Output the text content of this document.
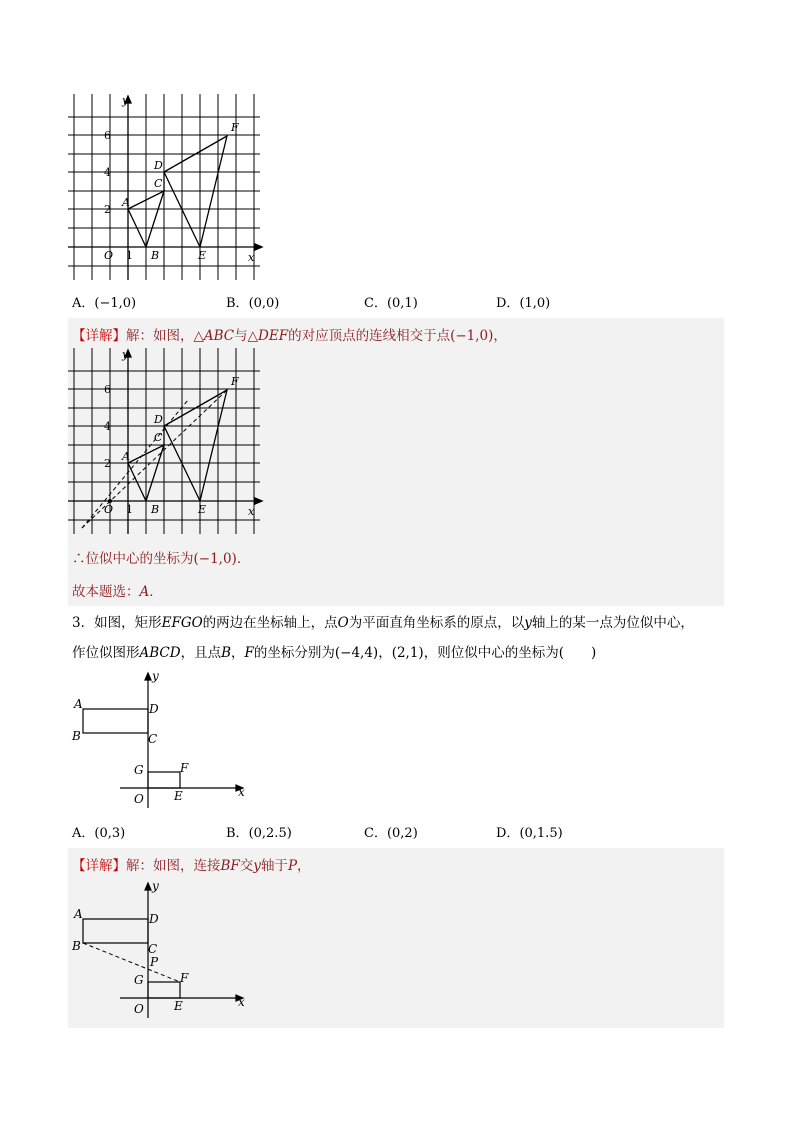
y
x
O 1
2
4
6
A
B
C
D
E
F
A．(−1,0)	B．(0,0)	C．(0,1)	D．(1,0)
【详解】解：如图，△ABC与△DEF的对应顶点的连线相交于点(−1,0)，
y
x
O 1
2
4
6
A
B
C
D
E
F
∴位似中心的坐标为(−1,0)．
故本题选：A．
3．如图，矩形EFGO的两边在坐标轴上，点O为平面直角坐标系的原点，以y轴上的某一点为位似中心，
作位似图形ABCD，且点B，F的坐标分别为(−4,4)，(2,1)，则位似中心的坐标为(　　)
y
x
O
A
B	C
D
E
F
G
A．(0,3)	B．(0,2.5)	C．(0,2)	D．(0,1.5)
【详解】解：如图，连接BF交y轴于P，
y
x
O
A
B	C
D
E
F
G
P
